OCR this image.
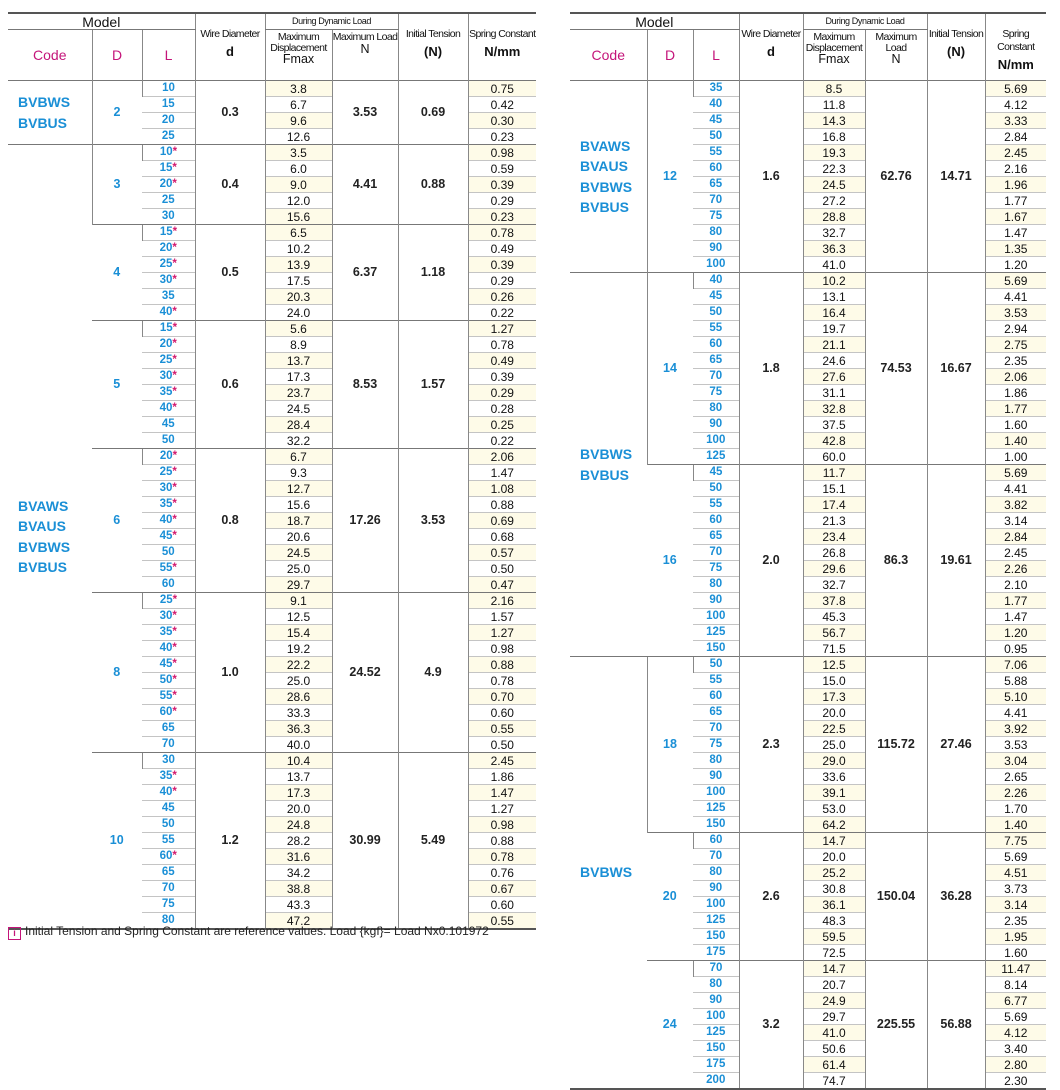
Model			Wire Diameter
d	During Dynamic Load		Initial Tension
(N)	Spring Constant
N/mm

Code	D	L		Maximum Displacement
Fmax	Maximum Load
N		

BVBWS
BVBUS	2	10	0.3	3.8	3.53	0.69	0.75
		15		6.7			0.42
		20		9.6			0.30
		25		12.6			0.23

BVAWS
BVAUS
BVBWS
BVBUS	3	10*	0.4	3.5	4.41	0.88	0.98
		15*		6.0			0.59
		20*		9.0			0.39
		25		12.0			0.29
		30		15.6			0.23
	4	15*	0.5	6.5	6.37	1.18	0.78
		20*		10.2			0.49
		25*		13.9			0.39
		30*		17.5			0.29
		35		20.3			0.26
		40*		24.0			0.22
	5	15*	0.6	5.6	8.53	1.57	1.27
		20*		8.9			0.78
		25*		13.7			0.49
		30*		17.3			0.39
		35*		23.7			0.29
		40*		24.5			0.28
		45		28.4			0.25
		50		32.2			0.22
	6	20*	0.8	6.7	17.26	3.53	2.06
		25*		9.3			1.47
		30*		12.7			1.08
		35*		15.6			0.88
		40*		18.7			0.69
		45*		20.6			0.68
		50		24.5			0.57
		55*		25.0			0.50
		60		29.7			0.47
	8	25*	1.0	9.1	24.52	4.9	2.16
		30*		12.5			1.57
		35*		15.4			1.27
		40*		19.2			0.98
		45*		22.2			0.88
		50*		25.0			0.78
		55*		28.6			0.70
		60*		33.3			0.60
		65		36.3			0.55
		70		40.0			0.50
	10	30	1.2	10.4	30.99	5.49	2.45
		35*		13.7			1.86
		40*		17.3			1.47
		45		20.0			1.27
		50		24.8			0.98
		55		28.2			0.88
		60*		31.6			0.78
		65		34.2			0.76
		70		38.8			0.67
		75		43.3			0.60
		80		47.2			0.55
Model			Wire Diameter
d	During Dynamic Load		Initial Tension
(N)	Spring Constant
N/mm

Code	D	L		Maximum Displacement
Fmax	Maximum Load
N		

BVAWS
BVAUS
BVBWS
BVBUS	12	35	1.6	8.5	62.76	14.71	5.69
		40		11.8			4.12
		45		14.3			3.33
		50		16.8			2.84
		55		19.3			2.45
		60		22.3			2.16
		65		24.5			1.96
		70		27.2			1.77
		75		28.8			1.67
		80		32.7			1.47
		90		36.3			1.35
		100		41.0			1.20

BVBWS
BVBUS	14	40	1.8	10.2	74.53	16.67	5.69
		45		13.1			4.41
		50		16.4			3.53
		55		19.7			2.94
		60		21.1			2.75
		65		24.6			2.35
		70		27.6			2.06
		75		31.1			1.86
		80		32.8			1.77
		90		37.5			1.60
		100		42.8			1.40
		125		60.0			1.00
	16	45	2.0	11.7	86.3	19.61	5.69
		50		15.1			4.41
		55		17.4			3.82
		60		21.3			3.14
		65		23.4			2.84
		70		26.8			2.45
		75		29.6			2.26
		80		32.7			2.10
		90		37.8			1.77
		100		45.3			1.47
		125		56.7			1.20
		150		71.5			0.95

BVBWS	18	50	2.3	12.5	115.72	27.46	7.06
		55		15.0			5.88
		60		17.3			5.10
		65		20.0			4.41
		70		22.5			3.92
		75		25.0			3.53
		80		29.0			3.04
		90		33.6			2.65
		100		39.1			2.26
		125		53.0			1.70
		150		64.2			1.40
	20	60	2.6	14.7	150.04	36.28	7.75
		70		20.0			5.69
		80		25.2			4.51
		90		30.8			3.73
		100		36.1			3.14
		125		48.3			2.35
		150		59.5			1.95
		175		72.5			1.60
	24	70	3.2	14.7	225.55	56.88	11.47
		80		20.7			8.14
		90		24.9			6.77
		100		29.7			5.69
		125		41.0			4.12
		150		50.6			3.40
		175		61.4			2.80
		200		74.7			2.30
i Initial Tension and Spring Constant are reference values. Load {kgf}= Load Nx0.101972
